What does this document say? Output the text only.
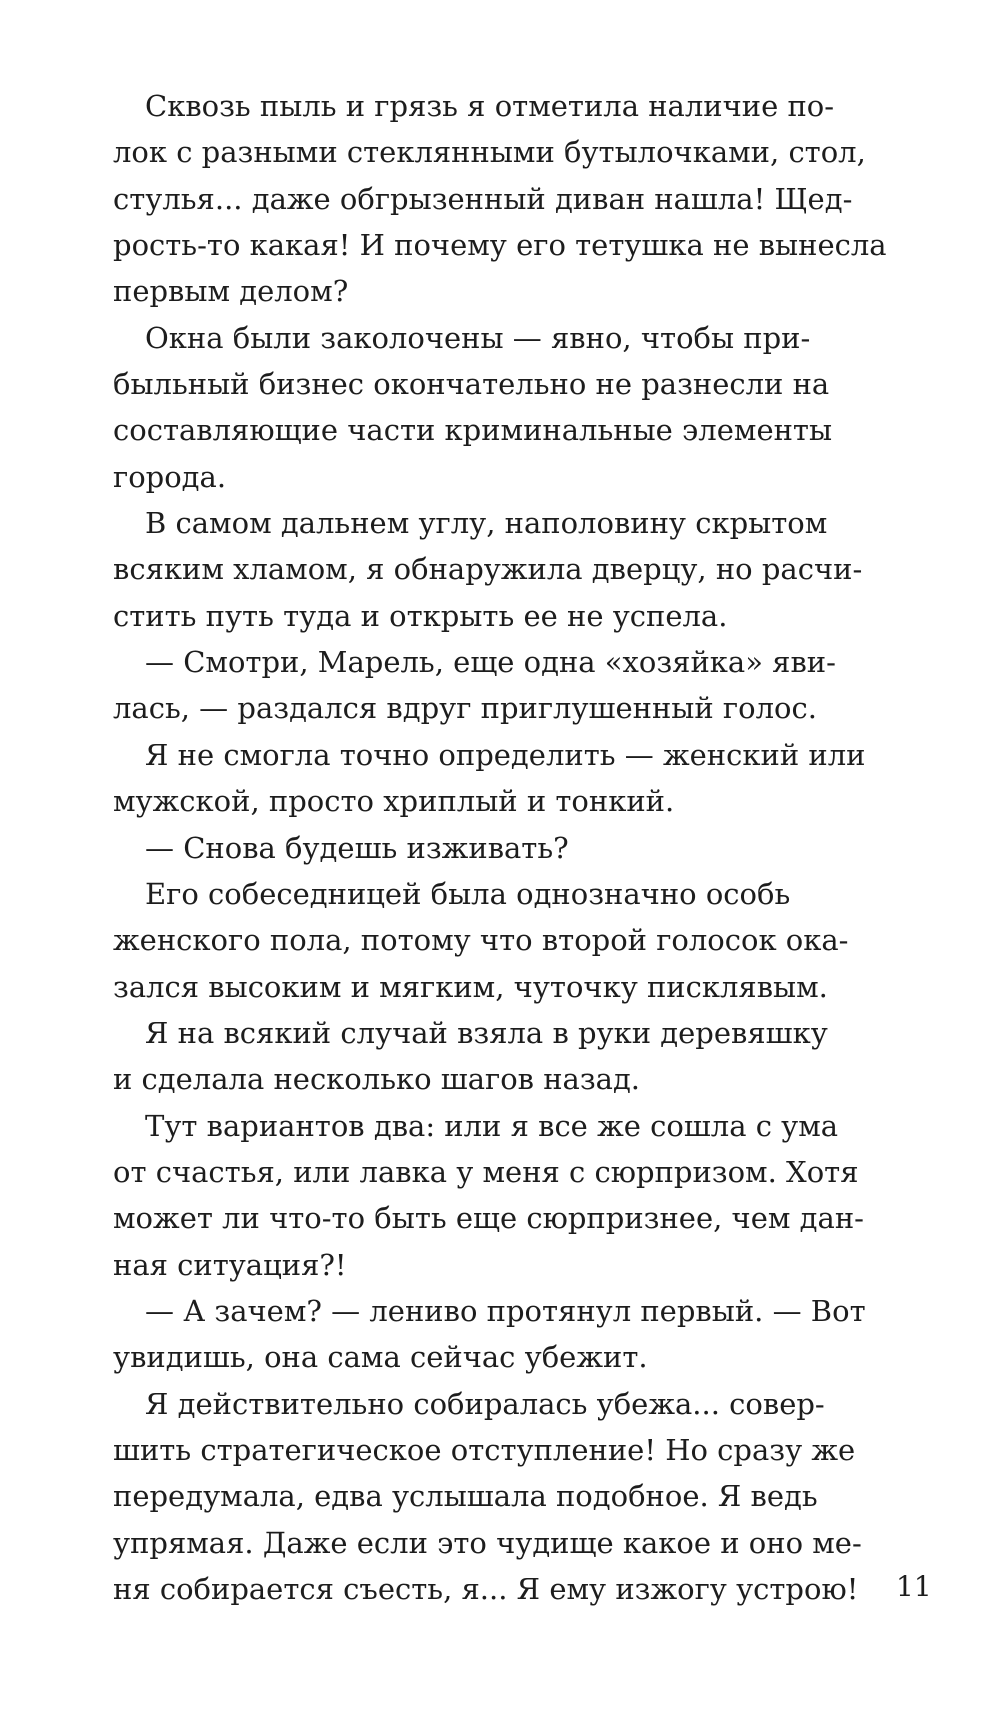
Сквозь пыль и грязь я отметила наличие по-
лок с разными стеклянными бутылочками, стол,
стулья... даже обгрызенный диван нашла! Щед-
рость-то какая! И почему его тетушка не вынесла
первым делом?
Окна были заколочены — явно, чтобы при-
быльный бизнес окончательно не разнесли на
составляющие части криминальные элементы
города.
В самом дальнем углу, наполовину скрытом
всяким хламом, я обнаружила дверцу, но расчи-
стить путь туда и открыть ее не успела.
— Смотри, Марель, еще одна «хозяйка» яви-
лась, — раздался вдруг приглушенный голос.
Я не смогла точно определить — женский или
мужской, просто хриплый и тонкий.
— Снова будешь изживать?
Его собеседницей была однозначно особь
женского пола, потому что второй голосок ока-
зался высоким и мягким, чуточку писклявым.
Я на всякий случай взяла в руки деревяшку
и сделала несколько шагов назад.
Тут вариантов два: или я все же сошла с ума
от счастья, или лавка у меня с сюрпризом. Хотя
может ли что-то быть еще сюрпризнее, чем дан-
ная ситуация?!
— А зачем? — лениво протянул первый. — Вот
увидишь, она сама сейчас убежит.
Я действительно собиралась убежа... совер-
шить стратегическое отступление! Но сразу же
передумала, едва услышала подобное. Я ведь
упрямая. Даже если это чудище какое и оно ме-
ня собирается съесть, я... Я ему изжогу устрою!	11
